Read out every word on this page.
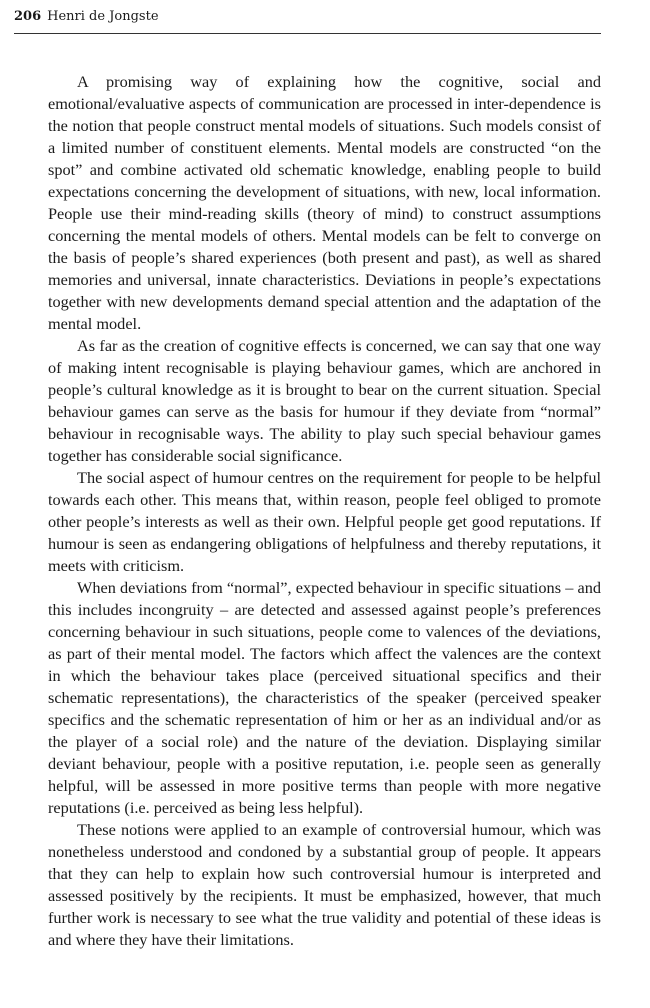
206 Henri de Jongste

A promising way of explaining how the cognitive, social and emotional/evaluative aspects of communication are processed in inter-dependence is the notion that people construct mental models of situations. Such models consist of a limited number of constituent elements. Mental models are constructed “on the spot” and combine activated old schematic knowledge, enabling people to build expectations concerning the development of situations, with new, local information. People use their mind-reading skills (theory of mind) to construct assumptions concerning the mental models of others. Mental models can be felt to converge on the basis of people’s shared experiences (both present and past), as well as shared memories and universal, innate characteristics. Deviations in people’s expectations together with new developments demand special attention and the adaptation of the mental model.

As far as the creation of cognitive effects is concerned, we can say that one way of making intent recognisable is playing behaviour games, which are anchored in people’s cultural knowledge as it is brought to bear on the current situation. Special behaviour games can serve as the basis for humour if they deviate from “normal” behaviour in recognisable ways. The ability to play such special behaviour games together has considerable social significance.

The social aspect of humour centres on the requirement for people to be helpful towards each other. This means that, within reason, people feel obliged to promote other people’s interests as well as their own. Helpful people get good reputations. If humour is seen as endangering obligations of helpfulness and thereby reputations, it meets with criticism.

When deviations from “normal”, expected behaviour in specific situations – and this includes incongruity – are detected and assessed against people’s preferences concerning behaviour in such situations, people come to valences of the deviations, as part of their mental model. The factors which affect the valences are the context in which the behaviour takes place (perceived situational specifics and their schematic representations), the characteristics of the speaker (perceived speaker specifics and the schematic representation of him or her as an individual and/or as the player of a social role) and the nature of the deviation. Displaying similar deviant behaviour, people with a positive reputation, i.e. people seen as generally helpful, will be assessed in more positive terms than people with more negative reputations (i.e. perceived as being less helpful).

These notions were applied to an example of controversial humour, which was nonetheless understood and condoned by a substantial group of people. It appears that they can help to explain how such controversial humour is interpreted and assessed positively by the recipients. It must be emphasized, however, that much further work is necessary to see what the true validity and potential of these ideas is and where they have their limitations.
